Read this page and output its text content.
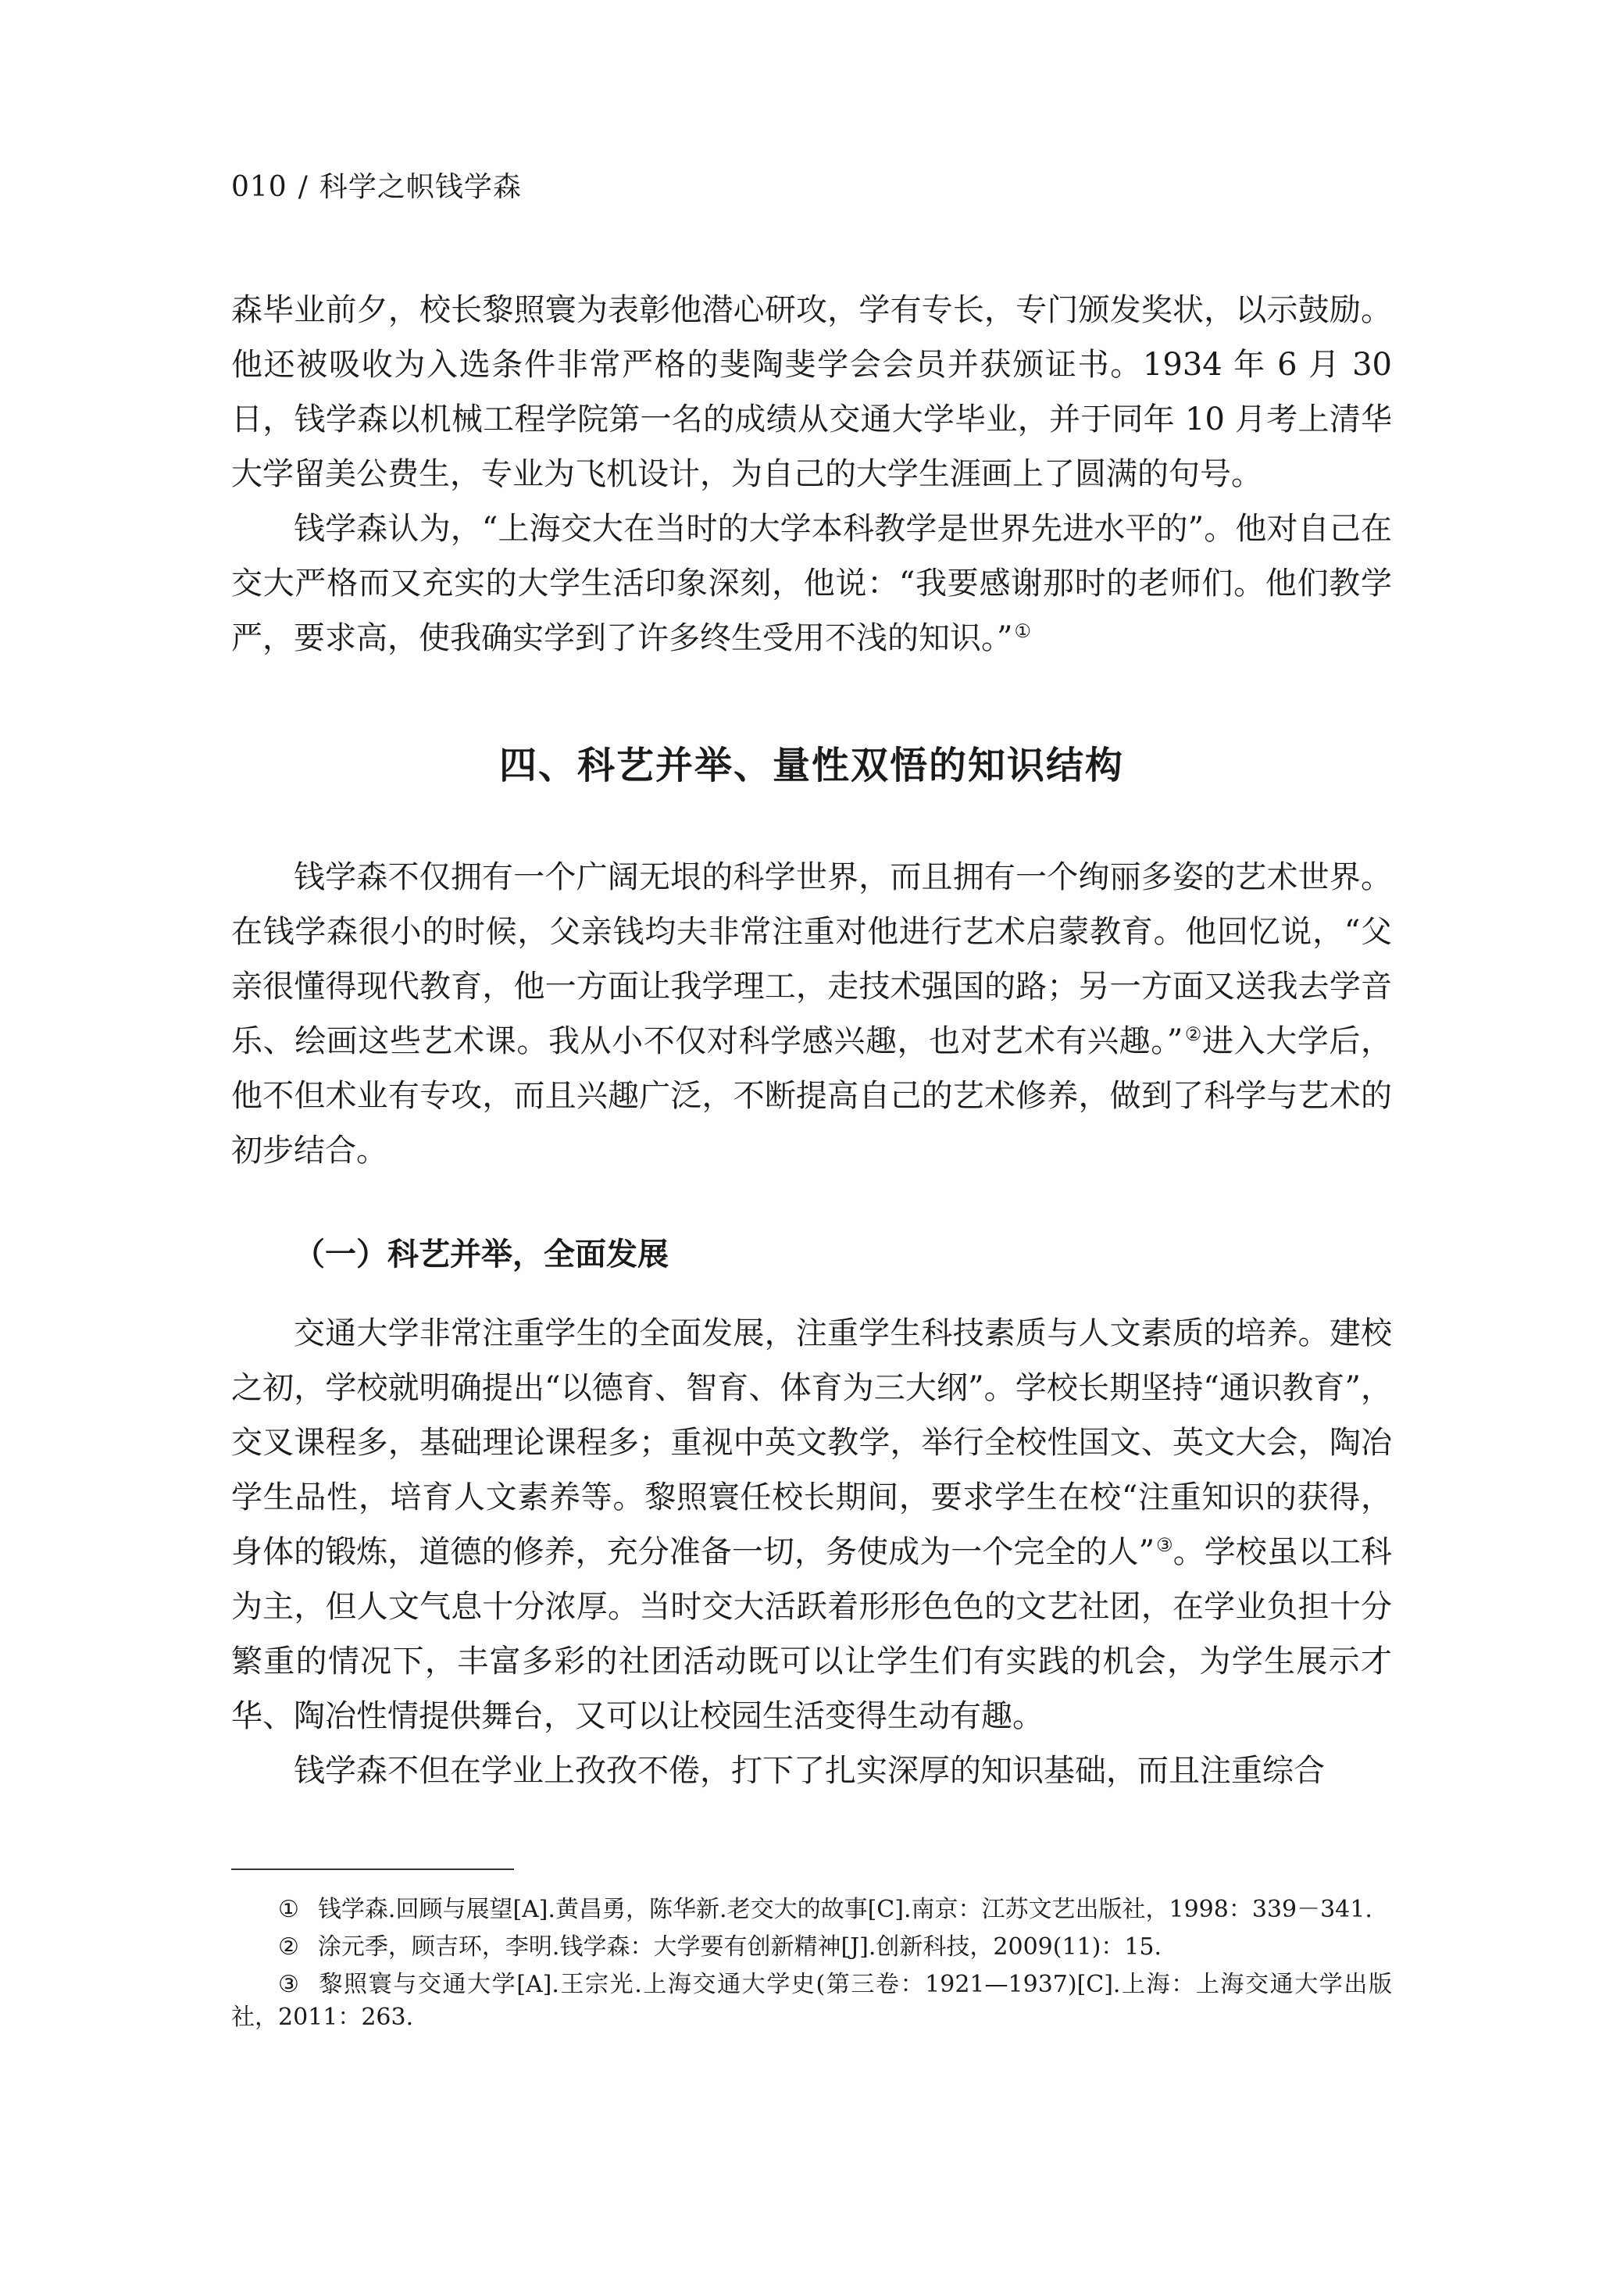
010 / 科学之帜钱学森

森毕业前夕，校长黎照寰为表彰他潜心研攻，学有专长，专门颁发奖状，以示鼓励。他还被吸收为入选条件非常严格的斐陶斐学会会员并获颁证书。1934 年 6 月 30 日，钱学森以机械工程学院第一名的成绩从交通大学毕业，并于同年 10 月考上清华大学留美公费生，专业为飞机设计，为自己的大学生涯画上了圆满的句号。

钱学森认为，“上海交大在当时的大学本科教学是世界先进水平的”。他对自己在交大严格而又充实的大学生活印象深刻，他说：“我要感谢那时的老师们。他们教学严，要求高，使我确实学到了许多终生受用不浅的知识。”①

四、科艺并举、量性双悟的知识结构

钱学森不仅拥有一个广阔无垠的科学世界，而且拥有一个绚丽多姿的艺术世界。在钱学森很小的时候，父亲钱均夫非常注重对他进行艺术启蒙教育。他回忆说，“父亲很懂得现代教育，他一方面让我学理工，走技术强国的路；另一方面又送我去学音乐、绘画这些艺术课。我从小不仅对科学感兴趣，也对艺术有兴趣。”②进入大学后，他不但术业有专攻，而且兴趣广泛，不断提高自己的艺术修养，做到了科学与艺术的初步结合。

（一）科艺并举，全面发展

交通大学非常注重学生的全面发展，注重学生科技素质与人文素质的培养。建校之初，学校就明确提出“以德育、智育、体育为三大纲”。学校长期坚持“通识教育”，交叉课程多，基础理论课程多；重视中英文教学，举行全校性国文、英文大会，陶冶学生品性，培育人文素养等。黎照寰任校长期间，要求学生在校“注重知识的获得，身体的锻炼，道德的修养，充分准备一切，务使成为一个完全的人”③。学校虽以工科为主，但人文气息十分浓厚。当时交大活跃着形形色色的文艺社团，在学业负担十分繁重的情况下，丰富多彩的社团活动既可以让学生们有实践的机会，为学生展示才华、陶冶性情提供舞台，又可以让校园生活变得生动有趣。

钱学森不但在学业上孜孜不倦，打下了扎实深厚的知识基础，而且注重综合

① 钱学森.回顾与展望[A].黄昌勇，陈华新.老交大的故事[C].南京：江苏文艺出版社，1998：339－341.

② 涂元季，顾吉环，李明.钱学森：大学要有创新精神[J].创新科技，2009(11)：15.

③ 黎照寰与交通大学[A].王宗光.上海交通大学史(第三卷：1921—1937)[C].上海：上海交通大学出版社，2011：263.
